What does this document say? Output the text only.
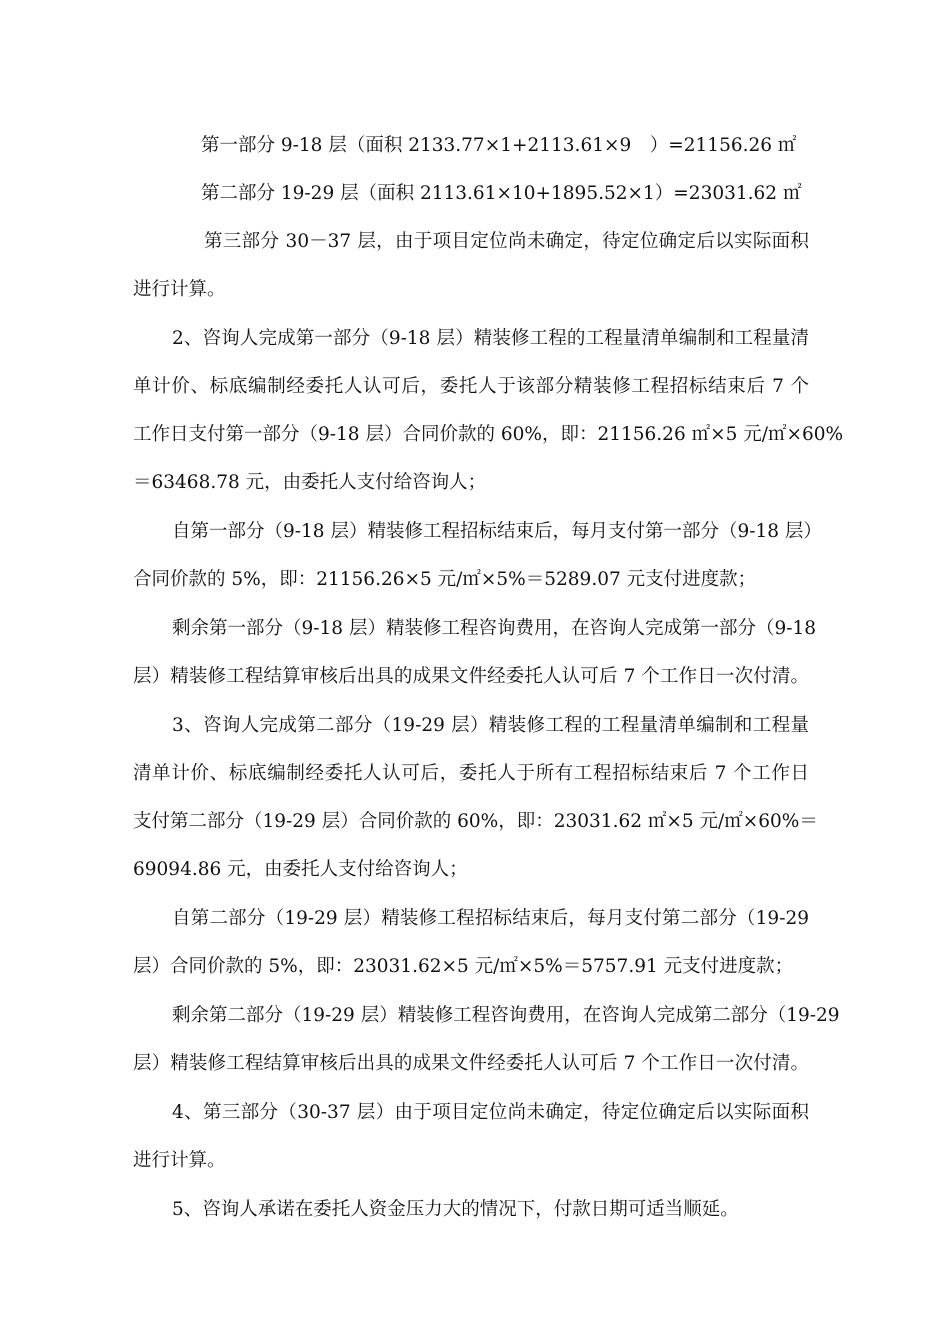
第一部分 9-18 层（面积 2133.77×1+2113.61×9　）=21156.26 ㎡
第二部分 19-29 层（面积 2113.61×10+1895.52×1）=23031.62 ㎡
第三部分 30－37 层，由于项目定位尚未确定，待定位确定后以实际面积
进行计算。
2、咨询人完成第一部分（9-18 层）精装修工程的工程量清单编制和工程量清
单计价、标底编制经委托人认可后，委托人于该部分精装修工程招标结束后 7 个
工作日支付第一部分（9-18 层）合同价款的 60%，即：21156.26 ㎡×5 元/㎡×60%
＝63468.78 元，由委托人支付给咨询人；
自第一部分（9-18 层）精装修工程招标结束后，每月支付第一部分（9-18 层）
合同价款的 5%，即：21156.26×5 元/㎡×5%＝5289.07 元支付进度款；
剩余第一部分（9-18 层）精装修工程咨询费用，在咨询人完成第一部分（9-18
层）精装修工程结算审核后出具的成果文件经委托人认可后 7 个工作日一次付清。
3、咨询人完成第二部分（19-29 层）精装修工程的工程量清单编制和工程量
清单计价、标底编制经委托人认可后，委托人于所有工程招标结束后 7 个工作日
支付第二部分（19-29 层）合同价款的 60%，即：23031.62 ㎡×5 元/㎡×60%＝
69094.86 元，由委托人支付给咨询人；
自第二部分（19-29 层）精装修工程招标结束后，每月支付第二部分（19-29
层）合同价款的 5%，即：23031.62×5 元/㎡×5%＝5757.91 元支付进度款；
剩余第二部分（19-29 层）精装修工程咨询费用，在咨询人完成第二部分（19-29
层）精装修工程结算审核后出具的成果文件经委托人认可后 7 个工作日一次付清。
4、第三部分（30-37 层）由于项目定位尚未确定，待定位确定后以实际面积
进行计算。
5、咨询人承诺在委托人资金压力大的情况下，付款日期可适当顺延。
